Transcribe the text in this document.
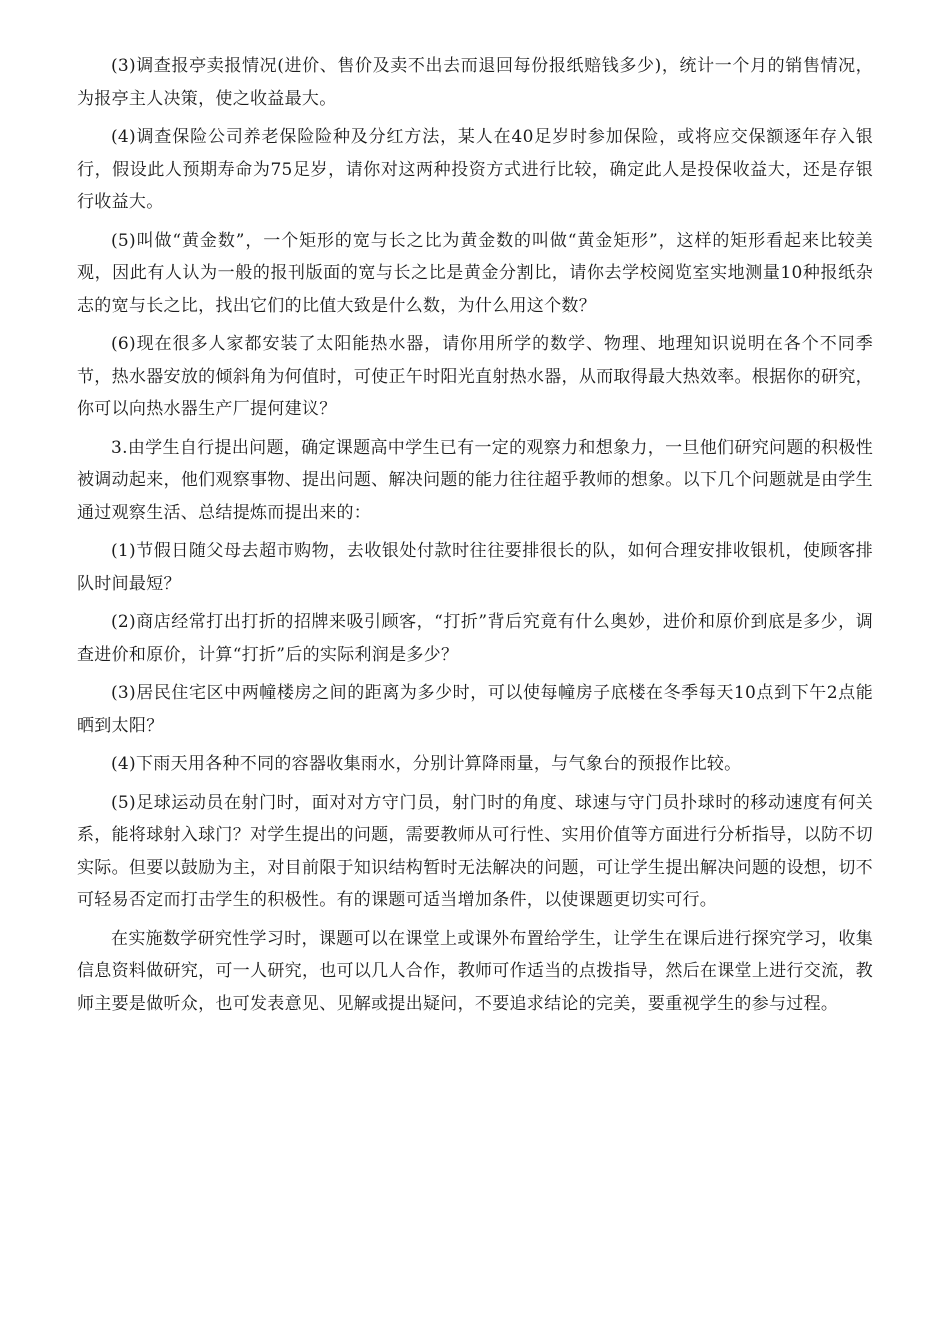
(3)调查报亭卖报情况(进价、售价及卖不出去而退回每份报纸赔钱多少)，统计一个月的销售情况，为报亭主人决策，使之收益最大。

(4)调查保险公司养老保险险种及分红方法，某人在40足岁时参加保险，或将应交保额逐年存入银行，假设此人预期寿命为75足岁，请你对这两种投资方式进行比较，确定此人是投保收益大，还是存银行收益大。

(5)叫做“黄金数”，一个矩形的宽与长之比为黄金数的叫做“黄金矩形”，这样的矩形看起来比较美观，因此有人认为一般的报刊版面的宽与长之比是黄金分割比，请你去学校阅览室实地测量10种报纸杂志的宽与长之比，找出它们的比值大致是什么数，为什么用这个数？

(6)现在很多人家都安装了太阳能热水器，请你用所学的数学、物理、地理知识说明在各个不同季节，热水器安放的倾斜角为何值时，可使正午时阳光直射热水器，从而取得最大热效率。根据你的研究，你可以向热水器生产厂提何建议？

3.由学生自行提出问题，确定课题高中学生已有一定的观察力和想象力，一旦他们研究问题的积极性被调动起来，他们观察事物、提出问题、解决问题的能力往往超乎教师的想象。以下几个问题就是由学生通过观察生活、总结提炼而提出来的：

(1)节假日随父母去超市购物，去收银处付款时往往要排很长的队，如何合理安排收银机，使顾客排队时间最短？

(2)商店经常打出打折的招牌来吸引顾客，“打折”背后究竟有什么奥妙，进价和原价到底是多少，调查进价和原价，计算“打折”后的实际利润是多少？

(3)居民住宅区中两幢楼房之间的距离为多少时，可以使每幢房子底楼在冬季每天10点到下午2点能晒到太阳？

(4)下雨天用各种不同的容器收集雨水，分别计算降雨量，与气象台的预报作比较。

(5)足球运动员在射门时，面对对方守门员，射门时的角度、球速与守门员扑球时的移动速度有何关系，能将球射入球门？对学生提出的问题，需要教师从可行性、实用价值等方面进行分析指导，以防不切实际。但要以鼓励为主，对目前限于知识结构暂时无法解决的问题，可让学生提出解决问题的设想，切不可轻易否定而打击学生的积极性。有的课题可适当增加条件，以使课题更切实可行。

在实施数学研究性学习时，课题可以在课堂上或课外布置给学生，让学生在课后进行探究学习，收集信息资料做研究，可一人研究，也可以几人合作，教师可作适当的点拨指导，然后在课堂上进行交流，教师主要是做听众，也可发表意见、见解或提出疑问，不要追求结论的完美，要重视学生的参与过程。
